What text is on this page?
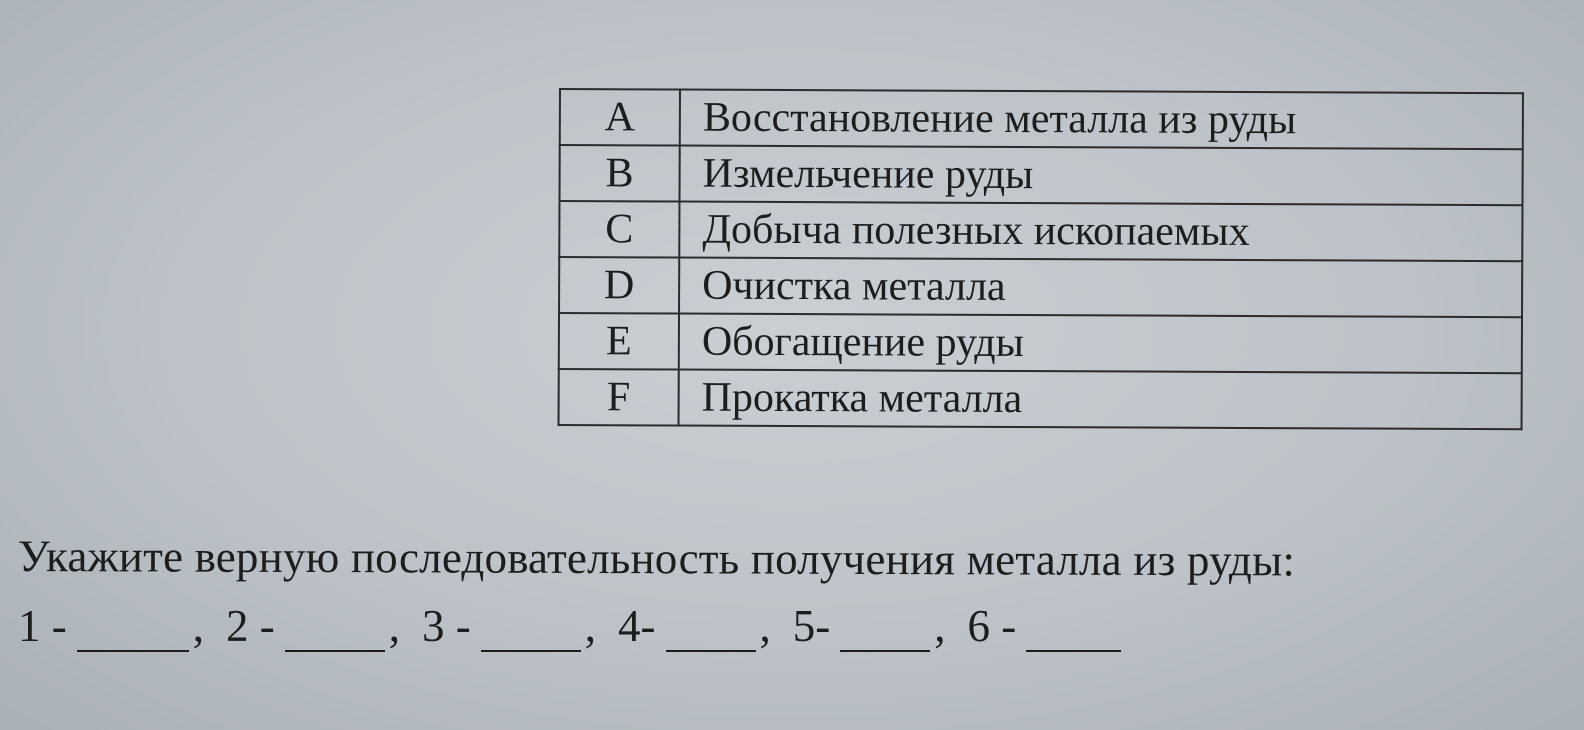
A	Восстановление металла из руды
B	Измельчение руды
C	Добыча полезных ископаемых
D	Очистка металла
E	Обогащение руды
F	Прокатка металла
Укажите верную последовательность получения металла из руды:
1 -	, 2 -	, 3 -	, 4- , 5- , 6 -
